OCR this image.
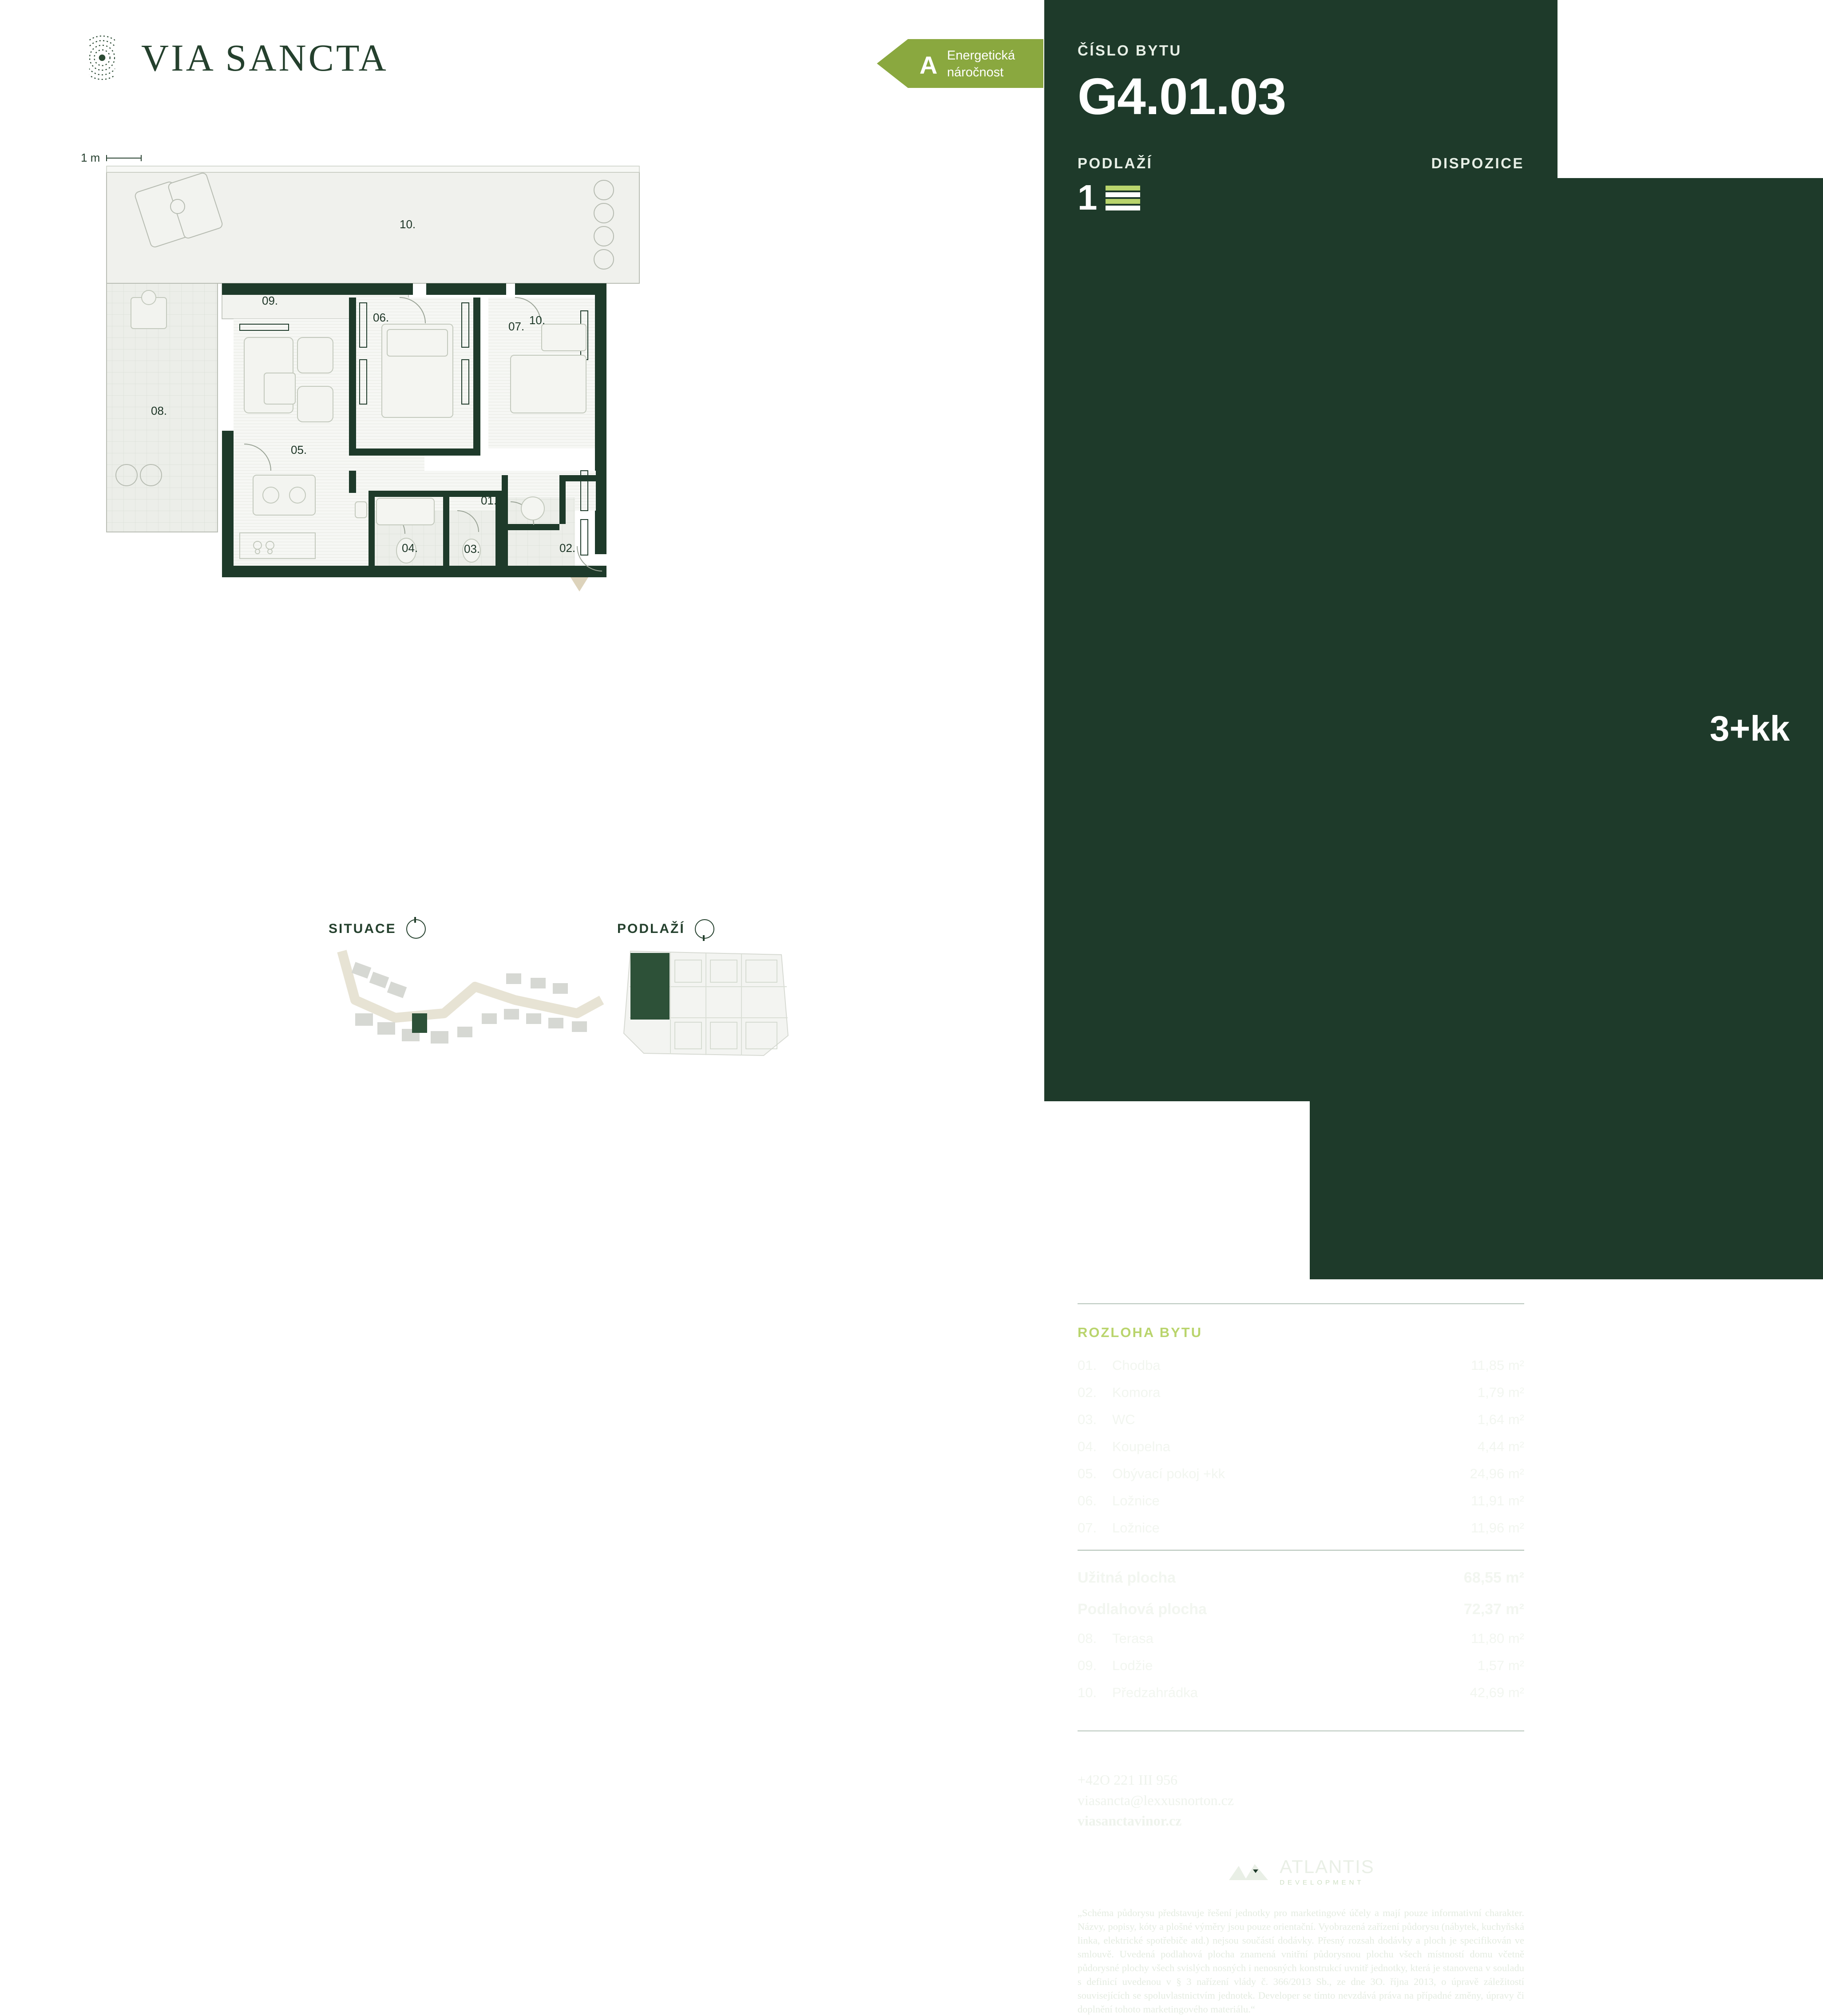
VIA SANCTA	A Energetická
náročnost
1 m
10.
01.
02.
03.
04.
05.
06.
07.
08.
09.
10.
SITUACE	PODLAŽÍ
ČÍSLO BYTU
G4.01.03
PODLAŽÍ
1
DISPOZICE
3+kk
ROZLOHA BYTU
01.	Chodba	11,85 m²
02.	Komora	1,79 m²
03.	WC	1,64 m²
04.	Koupelna	4,44 m²
05.	Obývací pokoj +kk	24,96 m²
06.	Ložnice	11,91 m²
07.	Ložnice	11,96 m²
Užitná plocha		68,55 m²
Podlahová plocha		72,37 m²
08.	Terasa	11,80 m²
09.	Lodžie	1,57 m²
10.	Předzahrádka	42,69 m²
+42O 221 III 956
viasancta@lexxusnorton.cz
viasanctavinor.cz
ATLANTIS
DEVELOPMENT
„Schéma půdorysu představuje řešení jednotky pro marketingové účely a mají pouze informativní charakter. Názvy, popisy, kóty a plošné výměry jsou pouze orientační. Vyobrazená zařízení půdorysu (nábytek, kuchyňská linka, elektrické spotřebiče atd.) nejsou součástí dodávky. Přesný rozsah dodávky a ploch je specifikován ve smlouvě. Uvedená podlahová plocha znamená vnitřní půdorysnou plochu všech místností domu včetně půdorysné plochy všech svislých nosných i nenosných konstrukcí uvnitř jednotky, která je stanovena v souladu s definicí uvedenou v § 3 nařízení vlády č. 366/2013 Sb., ze dne 3O. října 2013, o úpravě záležitostí souvisejících se spoluvlastnictvím jednotek. Developer se tímto nevzdává práva na případné změny, úpravy či doplnění tohoto marketingového materiálu.“
